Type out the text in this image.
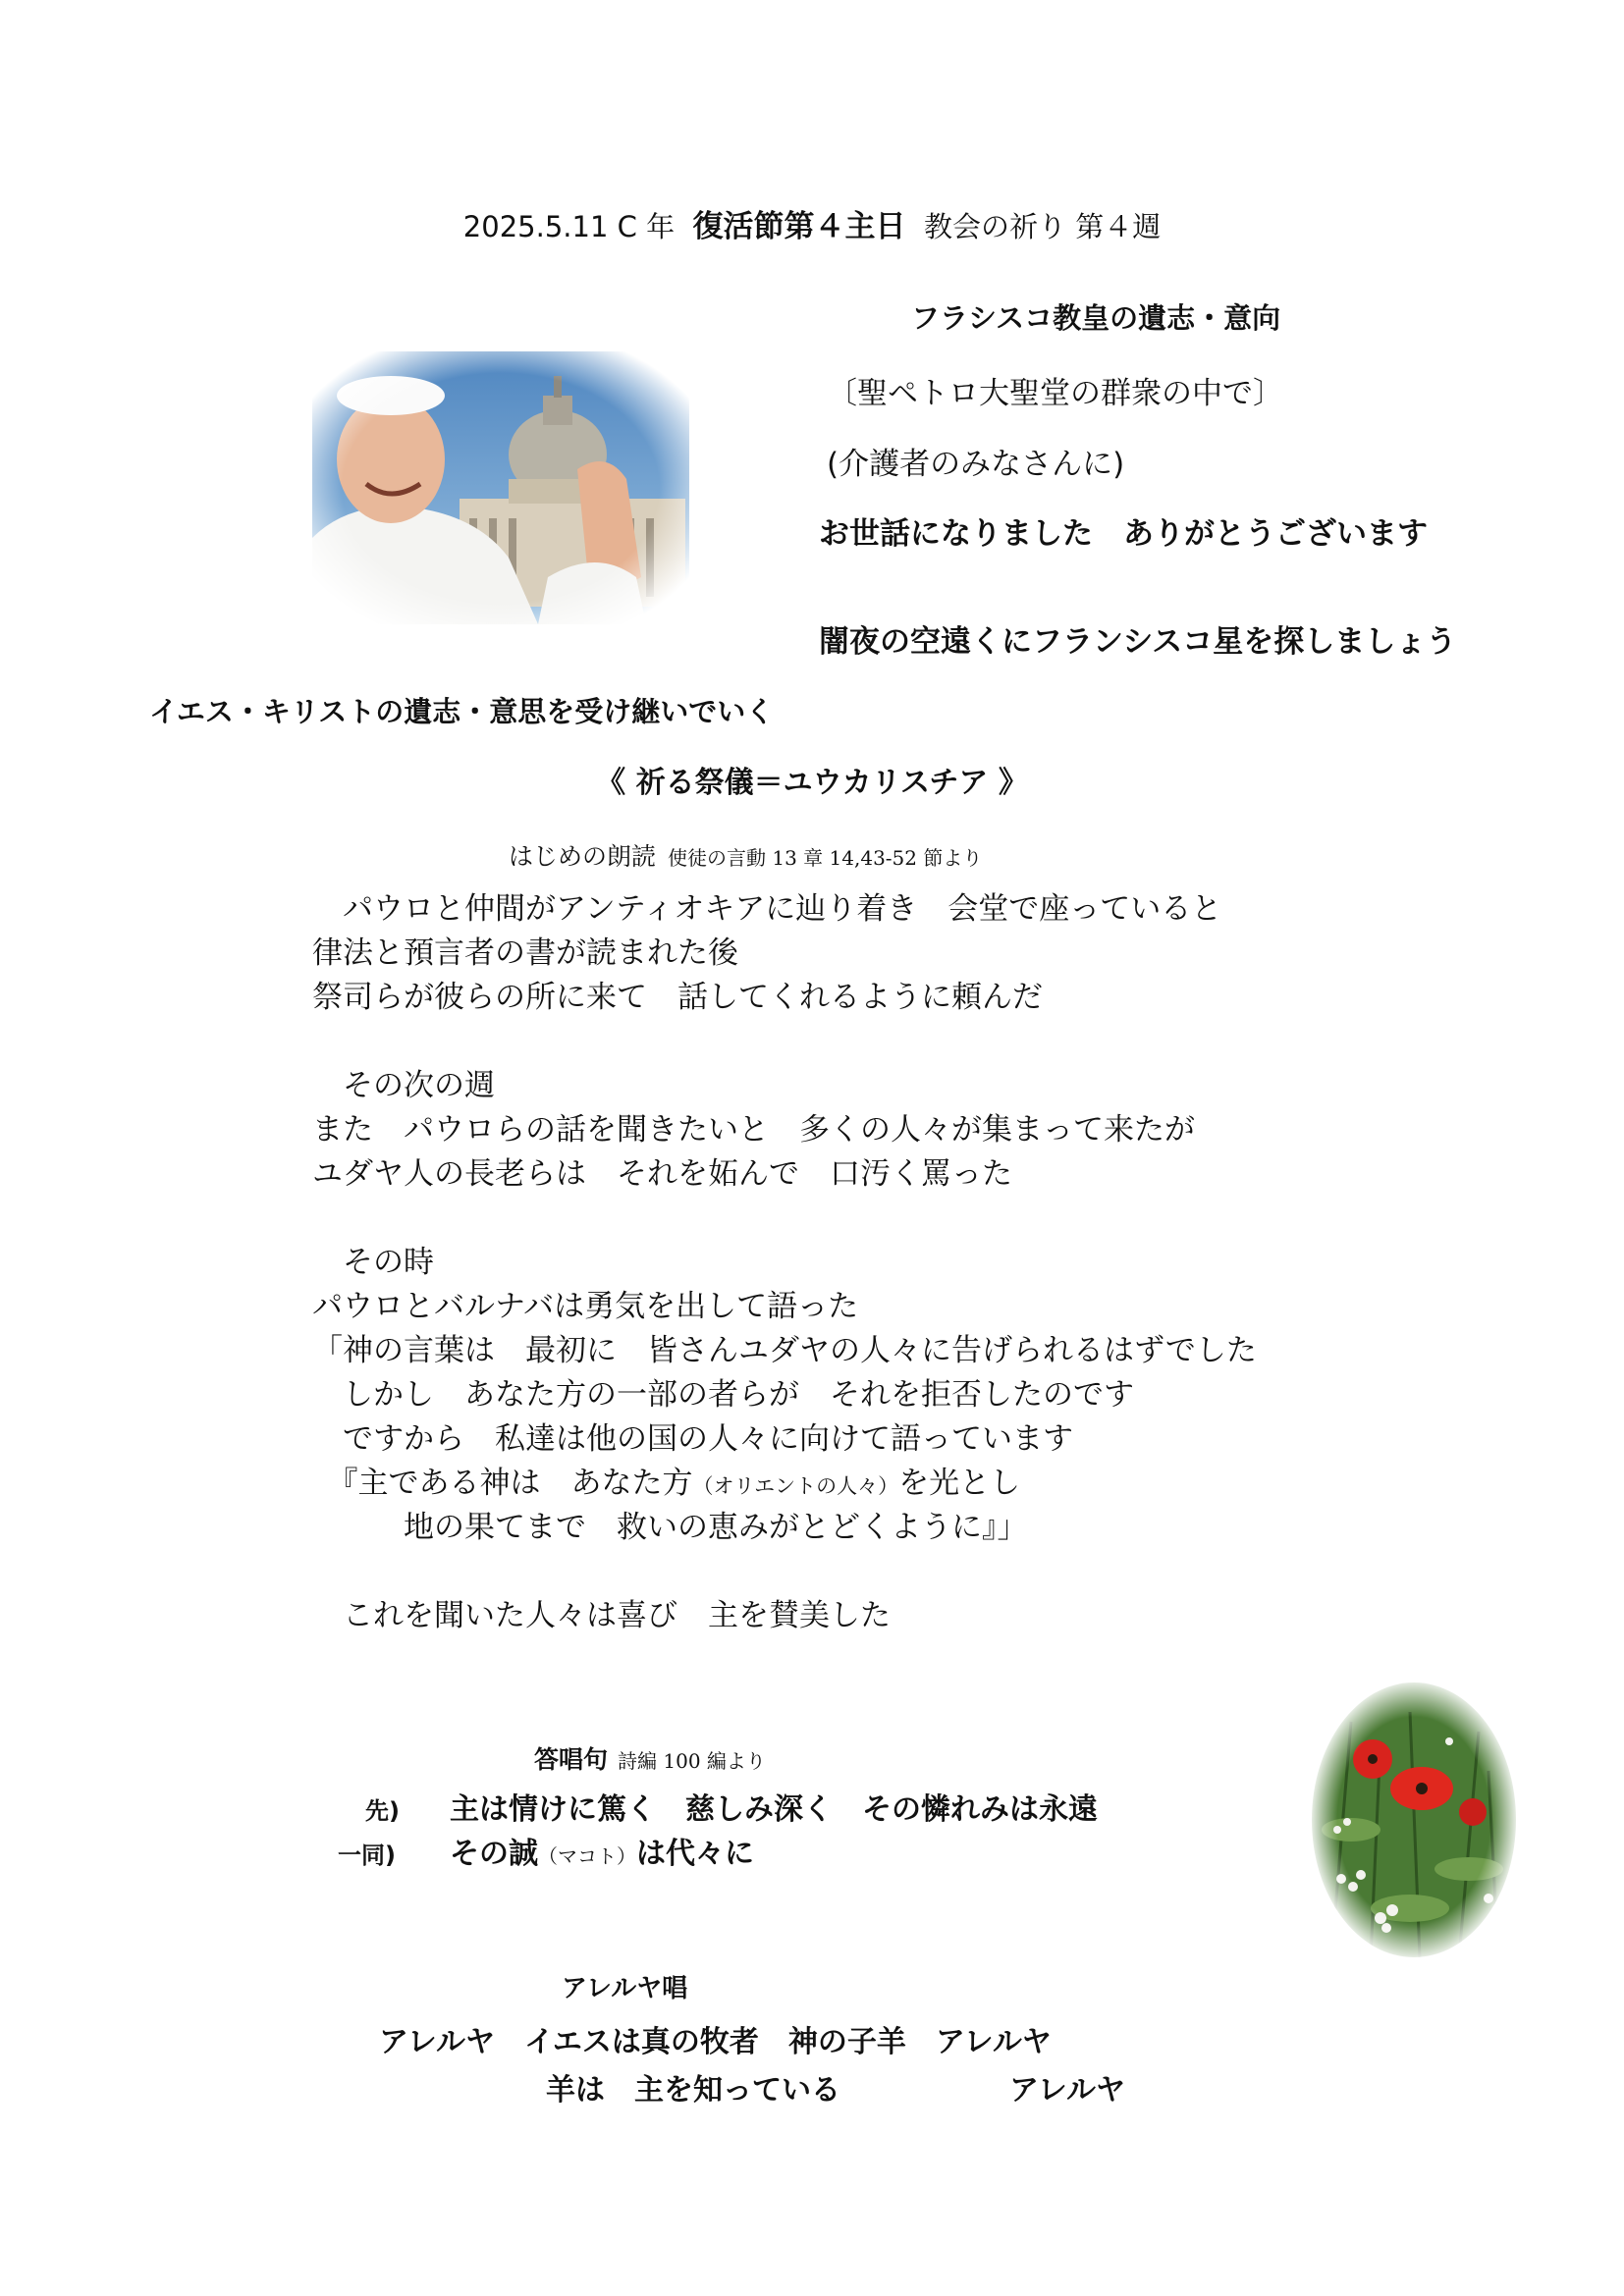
2025.5.11 C 年 復活節第４主日 教会の祈り 第４週
フラシスコ教皇の遺志・意向
〔聖ペトロ大聖堂の群衆の中で〕
(介護者のみなさんに)
お世話になりました　ありがとうございます
闇夜の空遠くにフランシスコ星を探しましょう
イエス・キリストの遺志・意思を受け継いでいく
《 祈る祭儀＝ユウカリスチア 》
はじめの朗読 使徒の言動 13 章 14,43-52 節より
　パウロと仲間がアンティオキアに辿り着き　会堂で座っていると
律法と預言者の書が読まれた後
祭司らが彼らの所に来て　話してくれるように頼んだ
　その次の週
また　パウロらの話を聞きたいと　多くの人々が集まって来たが
ユダヤ人の長老らは　それを妬んで　口汚く罵った
　その時
パウロとバルナバは勇気を出して語った
「神の言葉は　最初に　皆さんユダヤの人々に告げられるはずでした
　しかし　あなた方の一部の者らが　それを拒否したのです
　ですから　私達は他の国の人々に向けて語っています
　『主である神は　あなた方（オリエントの人々）を光とし
　　　地の果てまで　救いの恵みがとどくように』」
　これを聞いた人々は喜び　主を賛美した
答唱句 詩編 100 編より
先) 主は情けに篤く　慈しみ深く　その憐れみは永遠
一同) その誠（マコト）は代々に
アレルヤ唱
アレルヤ　イエスは真の牧者　神の子羊　アレルヤ
羊は　主を知っている	アレルヤ
